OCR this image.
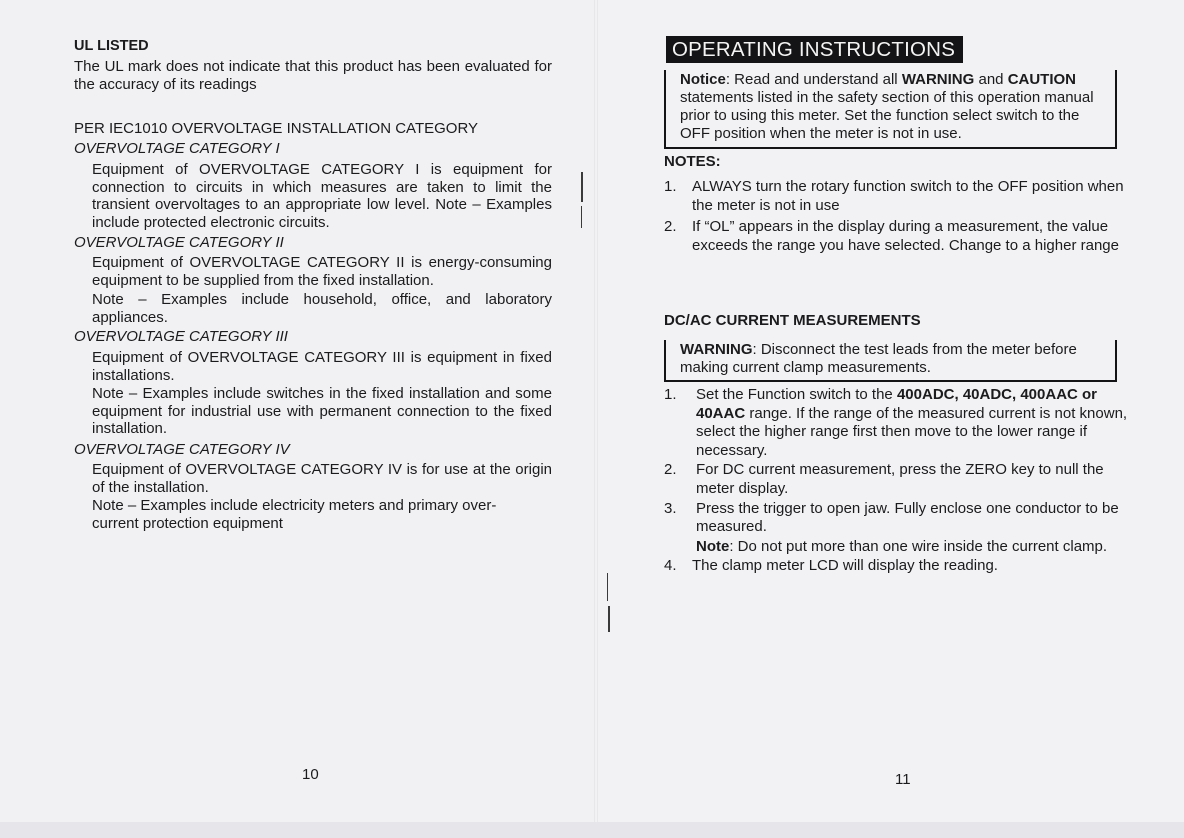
UL LISTED
The UL mark does not indicate that this product has been evaluated for the accuracy of its readings
PER IEC1010 OVERVOLTAGE INSTALLATION CATEGORY
OVERVOLTAGE CATEGORY I
Equipment of OVERVOLTAGE CATEGORY I is equipment for connection to circuits in which measures are taken to limit the transient overvoltages to an appropriate low level. Note – Examples include protected electronic circuits.
OVERVOLTAGE CATEGORY II
Equipment of OVERVOLTAGE CATEGORY II is energy-consuming equipment to be supplied from the fixed installation.
Note – Examples include household, office, and laboratory appliances.
OVERVOLTAGE CATEGORY III
Equipment of OVERVOLTAGE CATEGORY III is equipment in fixed installations.
Note – Examples include switches in the fixed installation and some equipment for industrial use with permanent connection to the fixed installation.
OVERVOLTAGE CATEGORY IV
Equipment of OVERVOLTAGE CATEGORY IV is for use at the origin of the installation.
Note – Examples include electricity meters and primary over-current protection equipment
10
OPERATING INSTRUCTIONS
Notice: Read and understand all WARNING and CAUTION statements listed in the safety section of this operation manual prior to using this meter. Set the function select switch to the OFF position when the meter is not in use.
NOTES:
1. ALWAYS turn the rotary function switch to the OFF position when the meter is not in use
2. If “OL” appears in the display during a measurement, the value exceeds the range you have selected. Change to a higher range
DC/AC CURRENT MEASUREMENTS
WARNING: Disconnect the test leads from the meter before making current clamp measurements.
1. Set the Function switch to the 400ADC, 40ADC, 400AAC or 40AAC range. If the range of the measured current is not known, select the higher range first then move to the lower range if necessary.
2. For DC current measurement, press the ZERO key to null the meter display.
3. Press the trigger to open jaw. Fully enclose one conductor to be measured.
Note: Do not put more than one wire inside the current clamp.
4. The clamp meter LCD will display the reading.
11
